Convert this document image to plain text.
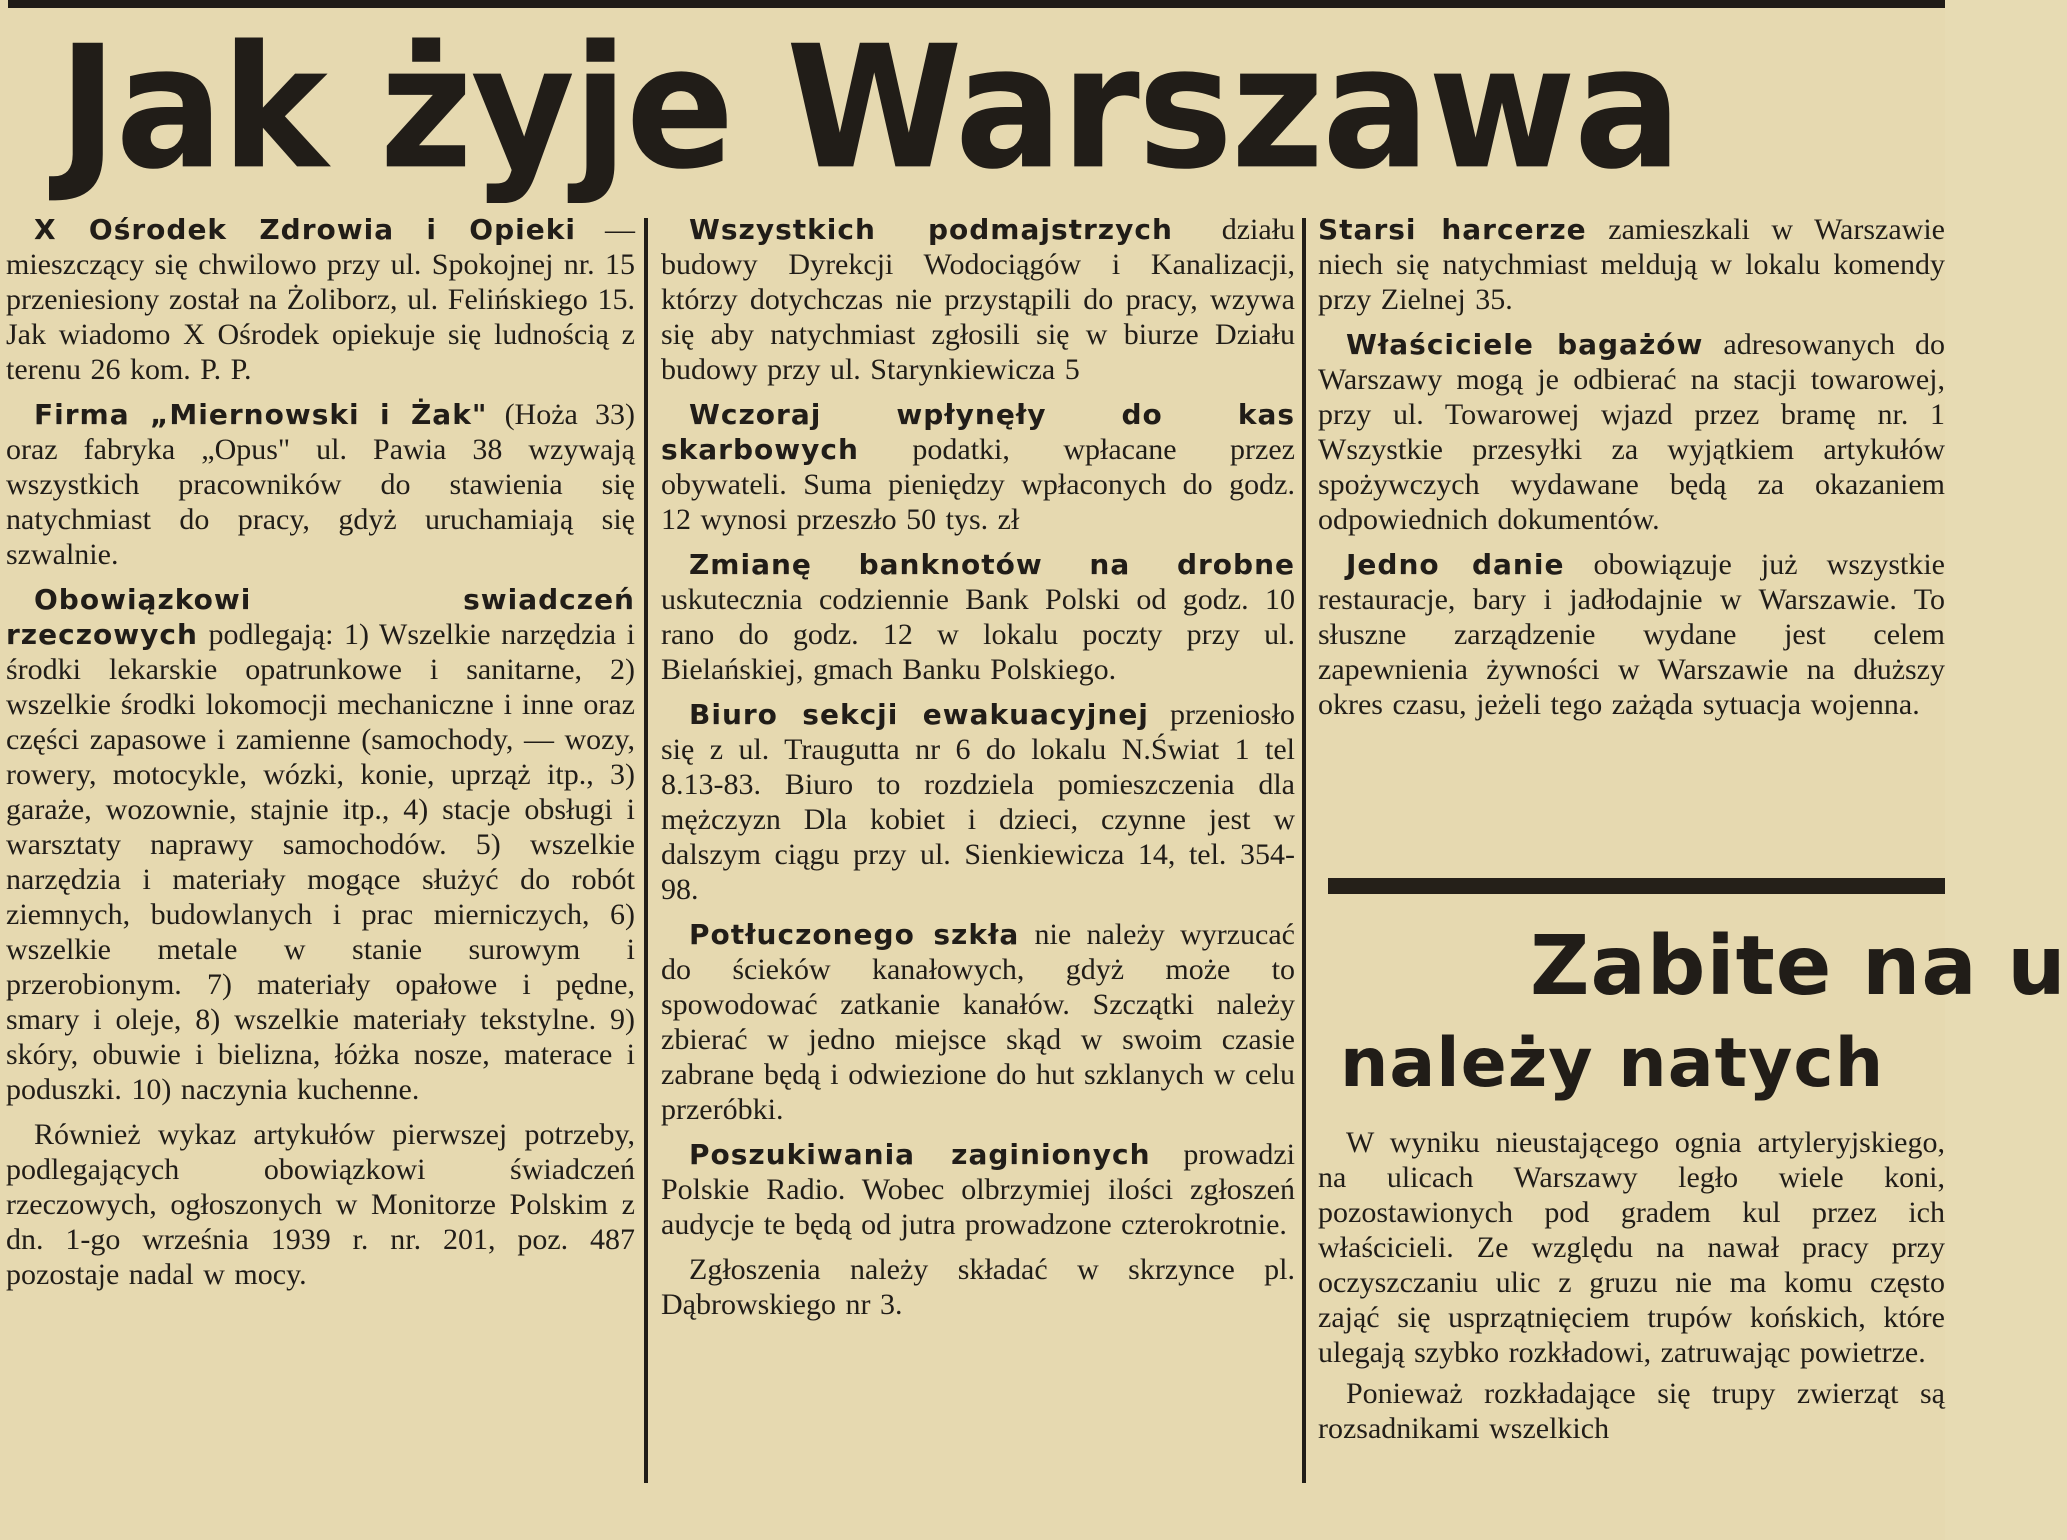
Jak żyje Warszawa

X Ośrodek Zdrowia i Opieki — mieszczący się chwilowo przy ul. Spokojnej nr. 15 przeniesiony został na Żoliborz, ul. Felińskiego 15. Jak wiadomo X Ośrodek opiekuje się ludnością z terenu 26 kom. P. P.

Firma „Miernowski i Żak" (Hoża 33) oraz fabryka „Opus" ul. Pawia 38 wzywają wszystkich pracowników do stawienia się natychmiast do pracy, gdyż uruchamiają się szwalnie.

Obowiązkowi swiadczeń rzeczowych podlegają: 1) Wszelkie narzędzia i środki lekarskie opatrunkowe i sanitarne, 2) wszelkie środki lokomocji mechaniczne i inne oraz części zapasowe i zamienne (samochody, — wozy, rowery, motocykle, wózki, konie, uprząż itp., 3) garaże, wozownie, stajnie itp., 4) stacje obsługi i warsztaty naprawy samochodów. 5) wszelkie narzędzia i materiały mogące służyć do robót ziemnych, budowlanych i prac mierniczych, 6) wszelkie metale w stanie surowym i przerobionym. 7) materiały opałowe i pędne, smary i oleje, 8) wszelkie materiały tekstylne. 9) skóry, obuwie i bielizna, łóżka nosze, materace i poduszki. 10) naczynia kuchenne.

Również wykaz artykułów pierwszej potrzeby, podlegających obowiązkowi świadczeń rzeczowych, ogłoszonych w Monitorze Polskim z dn. 1-go września 1939 r. nr. 201, poz. 487 pozostaje nadal w mocy.

Wszystkich podmajstrzych działu budowy Dyrekcji Wodociągów i Kanalizacji, którzy dotychczas nie przystąpili do pracy, wzywa się aby natychmiast zgłosili się w biurze Działu budowy przy ul. Starynkiewicza 5

Wczoraj wpłynęły do kas skarbowych podatki, wpłacane przez obywateli. Suma pieniędzy wpłaconych do godz. 12 wynosi przeszło 50 tys. zł

Zmianę banknotów na drobne uskutecznia codziennie Bank Polski od godz. 10 rano do godz. 12 w lokalu poczty przy ul. Bielańskiej, gmach Banku Polskiego.

Biuro sekcji ewakuacyjnej przeniosło się z ul. Traugutta nr 6 do lokalu N.Świat 1 tel 8.13-83. Biuro to rozdziela pomieszczenia dla mężczyzn Dla kobiet i dzieci, czynne jest w dalszym ciągu przy ul. Sienkiewicza 14, tel. 354-98.

Potłuczonego szkła nie należy wyrzucać do ścieków kanałowych, gdyż może to spowodować zatkanie kanałów. Szczątki należy zbierać w jedno miejsce skąd w swoim czasie zabrane będą i odwiezione do hut szklanych w celu przeróbki.

Poszukiwania zaginionych prowadzi Polskie Radio. Wobec olbrzymiej ilości zgłoszeń audycje te będą od jutra prowadzone czterokrotnie.

Zgłoszenia należy składać w skrzynce pl. Dąbrowskiego nr 3.

Starsi harcerze zamieszkali w Warszawie niech się natychmiast meldują w lokalu komendy przy Zielnej 35.

Właściciele bagażów adresowanych do Warszawy mogą je odbierać na stacji towarowej, przy ul. Towarowej wjazd przez bramę nr. 1 Wszystkie przesyłki za wyjątkiem artykułów spożywczych wydawane będą za okazaniem odpowiednich dokumentów.

Jedno danie obowiązuje już wszystkie restauracje, bary i jadłodajnie w Warszawie. To słuszne zarządzenie wydane jest celem zapewnienia żywności w Warszawie na dłuższy okres czasu, jeżeli tego zażąda sytuacja wojenna.

Zabite na u
należy natych

W wyniku nieustającego ognia artyleryjskiego, na ulicach Warszawy legło wiele koni, pozostawionych pod gradem kul przez ich właścicieli. Ze względu na nawał pracy przy oczyszczaniu ulic z gruzu nie ma komu często zająć się usprzątnięciem trupów końskich, które ulegają szybko rozkładowi, zatruwając powietrze.

Ponieważ rozkładające się trupy zwierząt są rozsadnikami wszelkich
